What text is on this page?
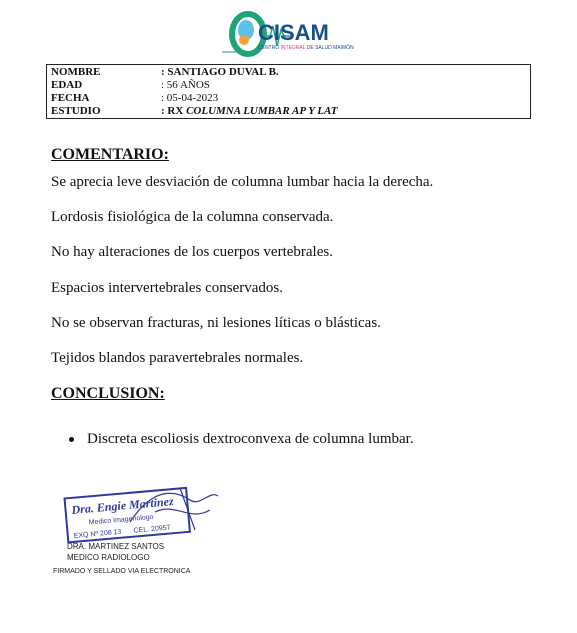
CISAM
CENTRO INTEGRAL DE SALUD MAIMÓN
NOMBRE	: SANTIAGO DUVAL B.
EDAD	: 56 AÑOS
FECHA	: 05-04-2023
ESTUDIO	: RX COLUMNA LUMBAR AP Y LAT
COMENTARIO:
Se aprecia leve desviación de columna lumbar hacia la derecha.
Lordosis fisiológica de la columna conservada.
No hay alteraciones de los cuerpos vertebrales.
Espacios intervertebrales conservados.
No se observan fracturas, ni lesiones líticas o blásticas.
Tejidos blandos paravertebrales normales.
CONCLUSION:
Discreta escoliosis dextroconvexa de columna lumbar.
Dra. Engie Martinez
Medico Imagenologo
EXQ Nº 208 13 CEL. 20957
DRA. MARTINEZ SANTOS
MEDICO RADIOLOGO
FIRMADO Y SELLADO VIA ELECTRONICA
